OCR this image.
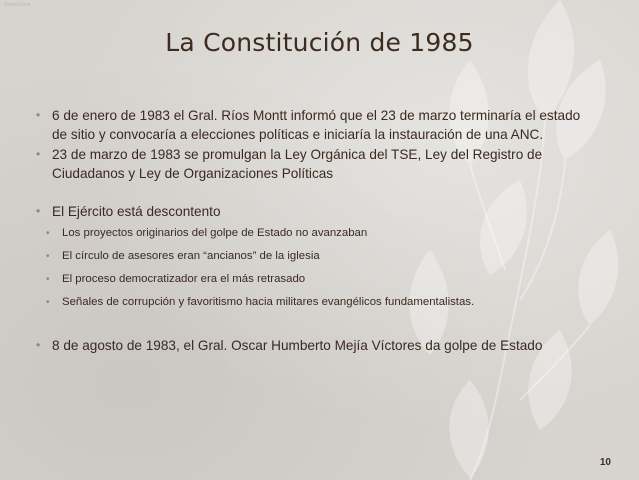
SlideShare
La Constitución de 1985
• 6 de enero de 1983 el Gral. Ríos Montt informó que el 23 de marzo terminaría el estado de sitio y convocaría a elecciones políticas e iniciaría la instauración de una ANC.
• 23 de marzo de 1983 se promulgan la Ley Orgánica del TSE, Ley del Registro de Ciudadanos y Ley de Organizaciones Políticas
• El Ejército está descontento
• Los proyectos originarios del golpe de Estado no avanzaban
• El círculo de asesores eran “ancianos” de la iglesia
• El proceso democratizador era el más retrasado
• Señales de corrupción y favoritismo hacia militares evangélicos fundamentalistas.
• 8 de agosto de 1983, el Gral. Oscar Humberto Mejía Víctores da golpe de Estado
10
